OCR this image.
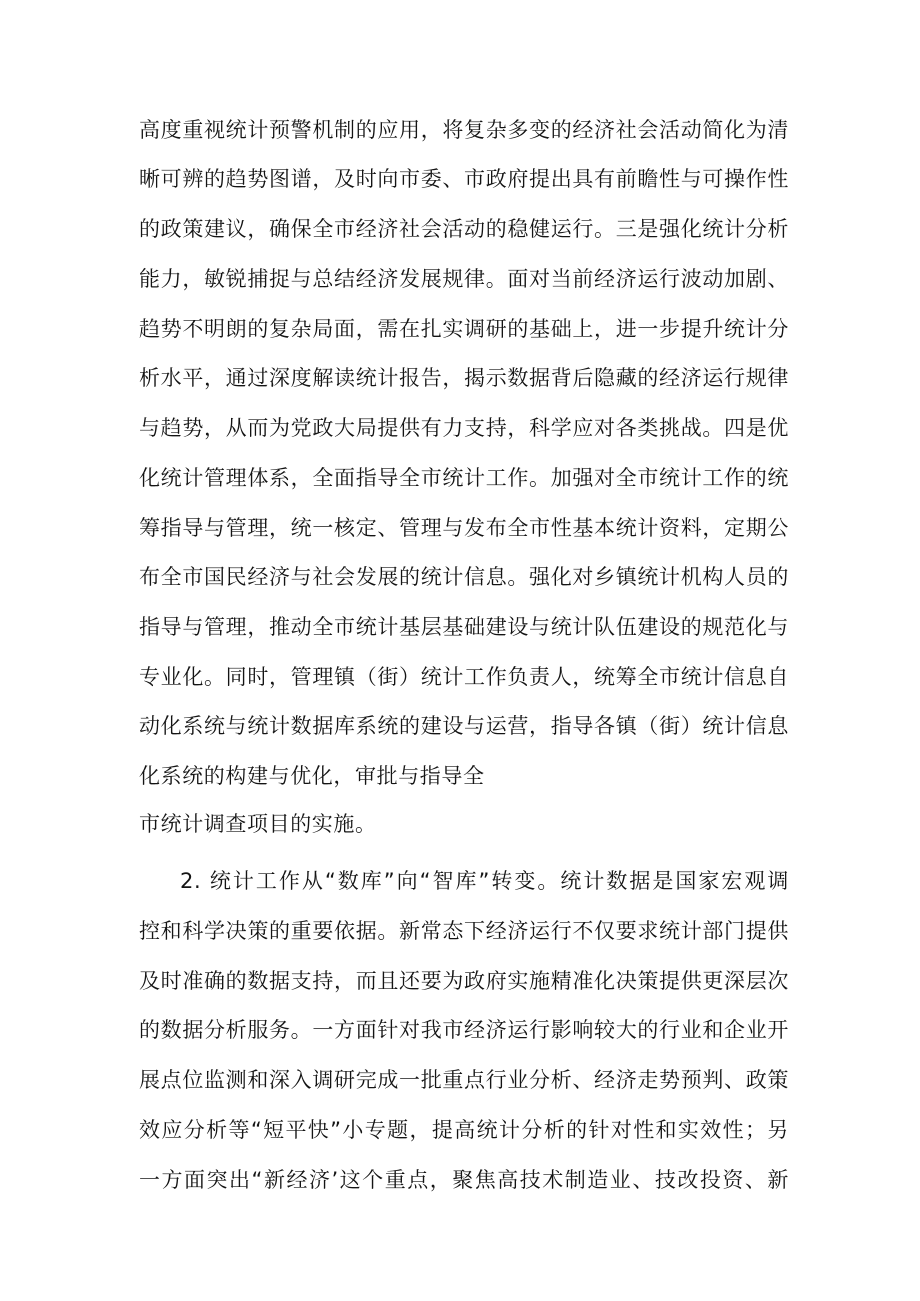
高度重视统计预警机制的应用，将复杂多变的经济社会活动简化为清
晰可辨的趋势图谱，及时向市委、市政府提出具有前瞻性与可操作性
的政策建议，确保全市经济社会活动的稳健运行。三是强化统计分析
能力，敏锐捕捉与总结经济发展规律。面对当前经济运行波动加剧、
趋势不明朗的复杂局面，需在扎实调研的基础上，进一步提升统计分
析水平，通过深度解读统计报告，揭示数据背后隐藏的经济运行规律
与趋势，从而为党政大局提供有力支持，科学应对各类挑战。四是优
化统计管理体系，全面指导全市统计工作。加强对全市统计工作的统
筹指导与管理，统一核定、管理与发布全市性基本统计资料，定期公
布全市国民经济与社会发展的统计信息。强化对乡镇统计机构人员的
指导与管理，推动全市统计基层基础建设与统计队伍建设的规范化与
专业化。同时，管理镇（街）统计工作负责人，统筹全市统计信息自
动化系统与统计数据库系统的建设与运营，指导各镇（街）统计信息
化系统的构建与优化，审批与指导全
市统计调查项目的实施。
2. 统计工作从“数库”向“智库”转变。统计数据是国家宏观调
控和科学决策的重要依据。新常态下经济运行不仅要求统计部门提供
及时准确的数据支持，而且还要为政府实施精准化决策提供更深层次
的数据分析服务。一方面针对我市经济运行影响较大的行业和企业开
展点位监测和深入调研完成一批重点行业分析、经济走势预判、政策
效应分析等“短平快”小专题，提高统计分析的针对性和实效性；另
一方面突出“新经济’这个重点，聚焦高技术制造业、技改投资、新
